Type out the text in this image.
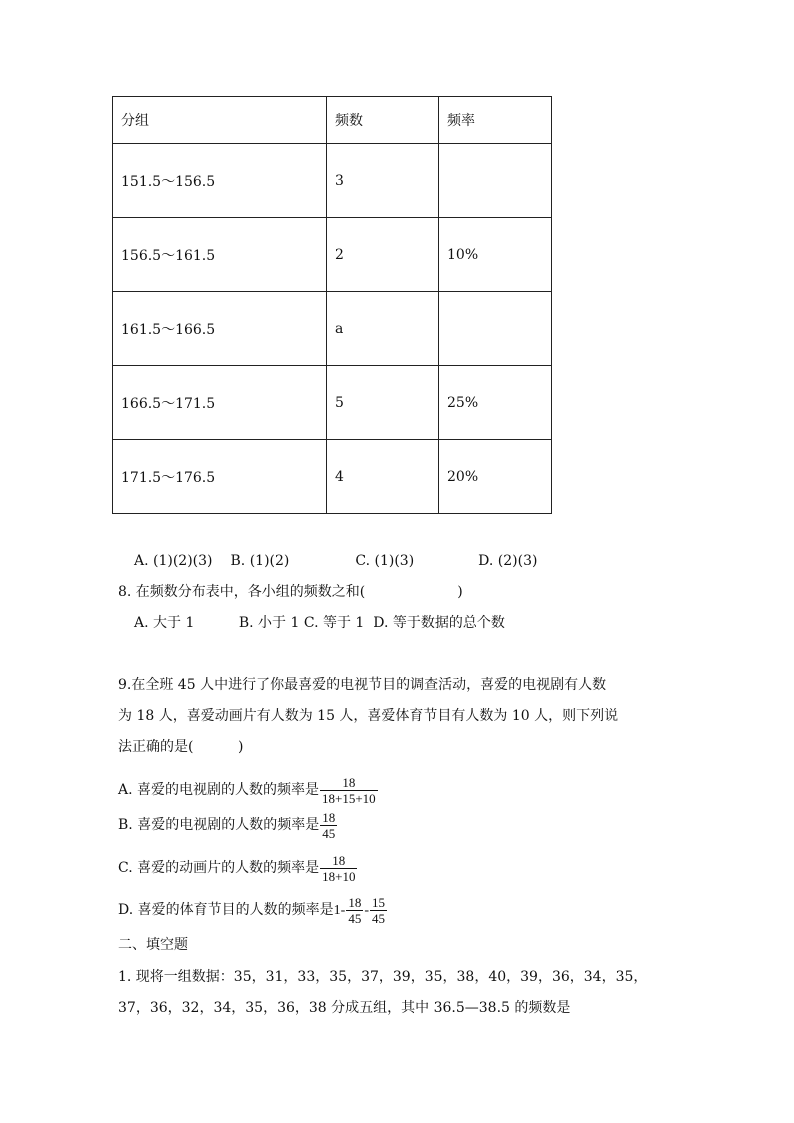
分组	频数	频率
151.5～156.5	3	
156.5～161.5	2	10%
161.5～166.5	a	
166.5～171.5	5	25%
171.5～176.5	4	20%
A. (1)(2)(3) B. (1)(2)	C. (1)(3)	D. (2)(3)
8. 在频数分布表中，各小组的频数之和(	)
A. 大于 1          B. 小于 1 C. 等于 1  D. 等于数据的总个数
9.在全班 45 人中进行了你最喜爱的电视节目的调查活动，喜爱的电视剧有人数
为 18 人，喜爱动画片有人数为 15 人，喜爱体育节目有人数为 10 人，则下列说
法正确的是(          )
A. 喜爱的电视剧的人数的频率是 $\frac{18}{18+15+10}$
B. 喜爱的电视剧的人数的频率是 $\frac{18}{45}$
C. 喜爱的动画片的人数的频率是 $\frac{18}{18+10}$
D. 喜爱的体育节目的人数的频率是$1- \frac{18}{45} - \frac{15}{45}$
二、填空题
1. 现将一组数据：35，31，33，35，37，39，35，38，40，39，36，34，35，
37，36，32，34，35，36，38 分成五组，其中 36.5—38.5 的频数是
